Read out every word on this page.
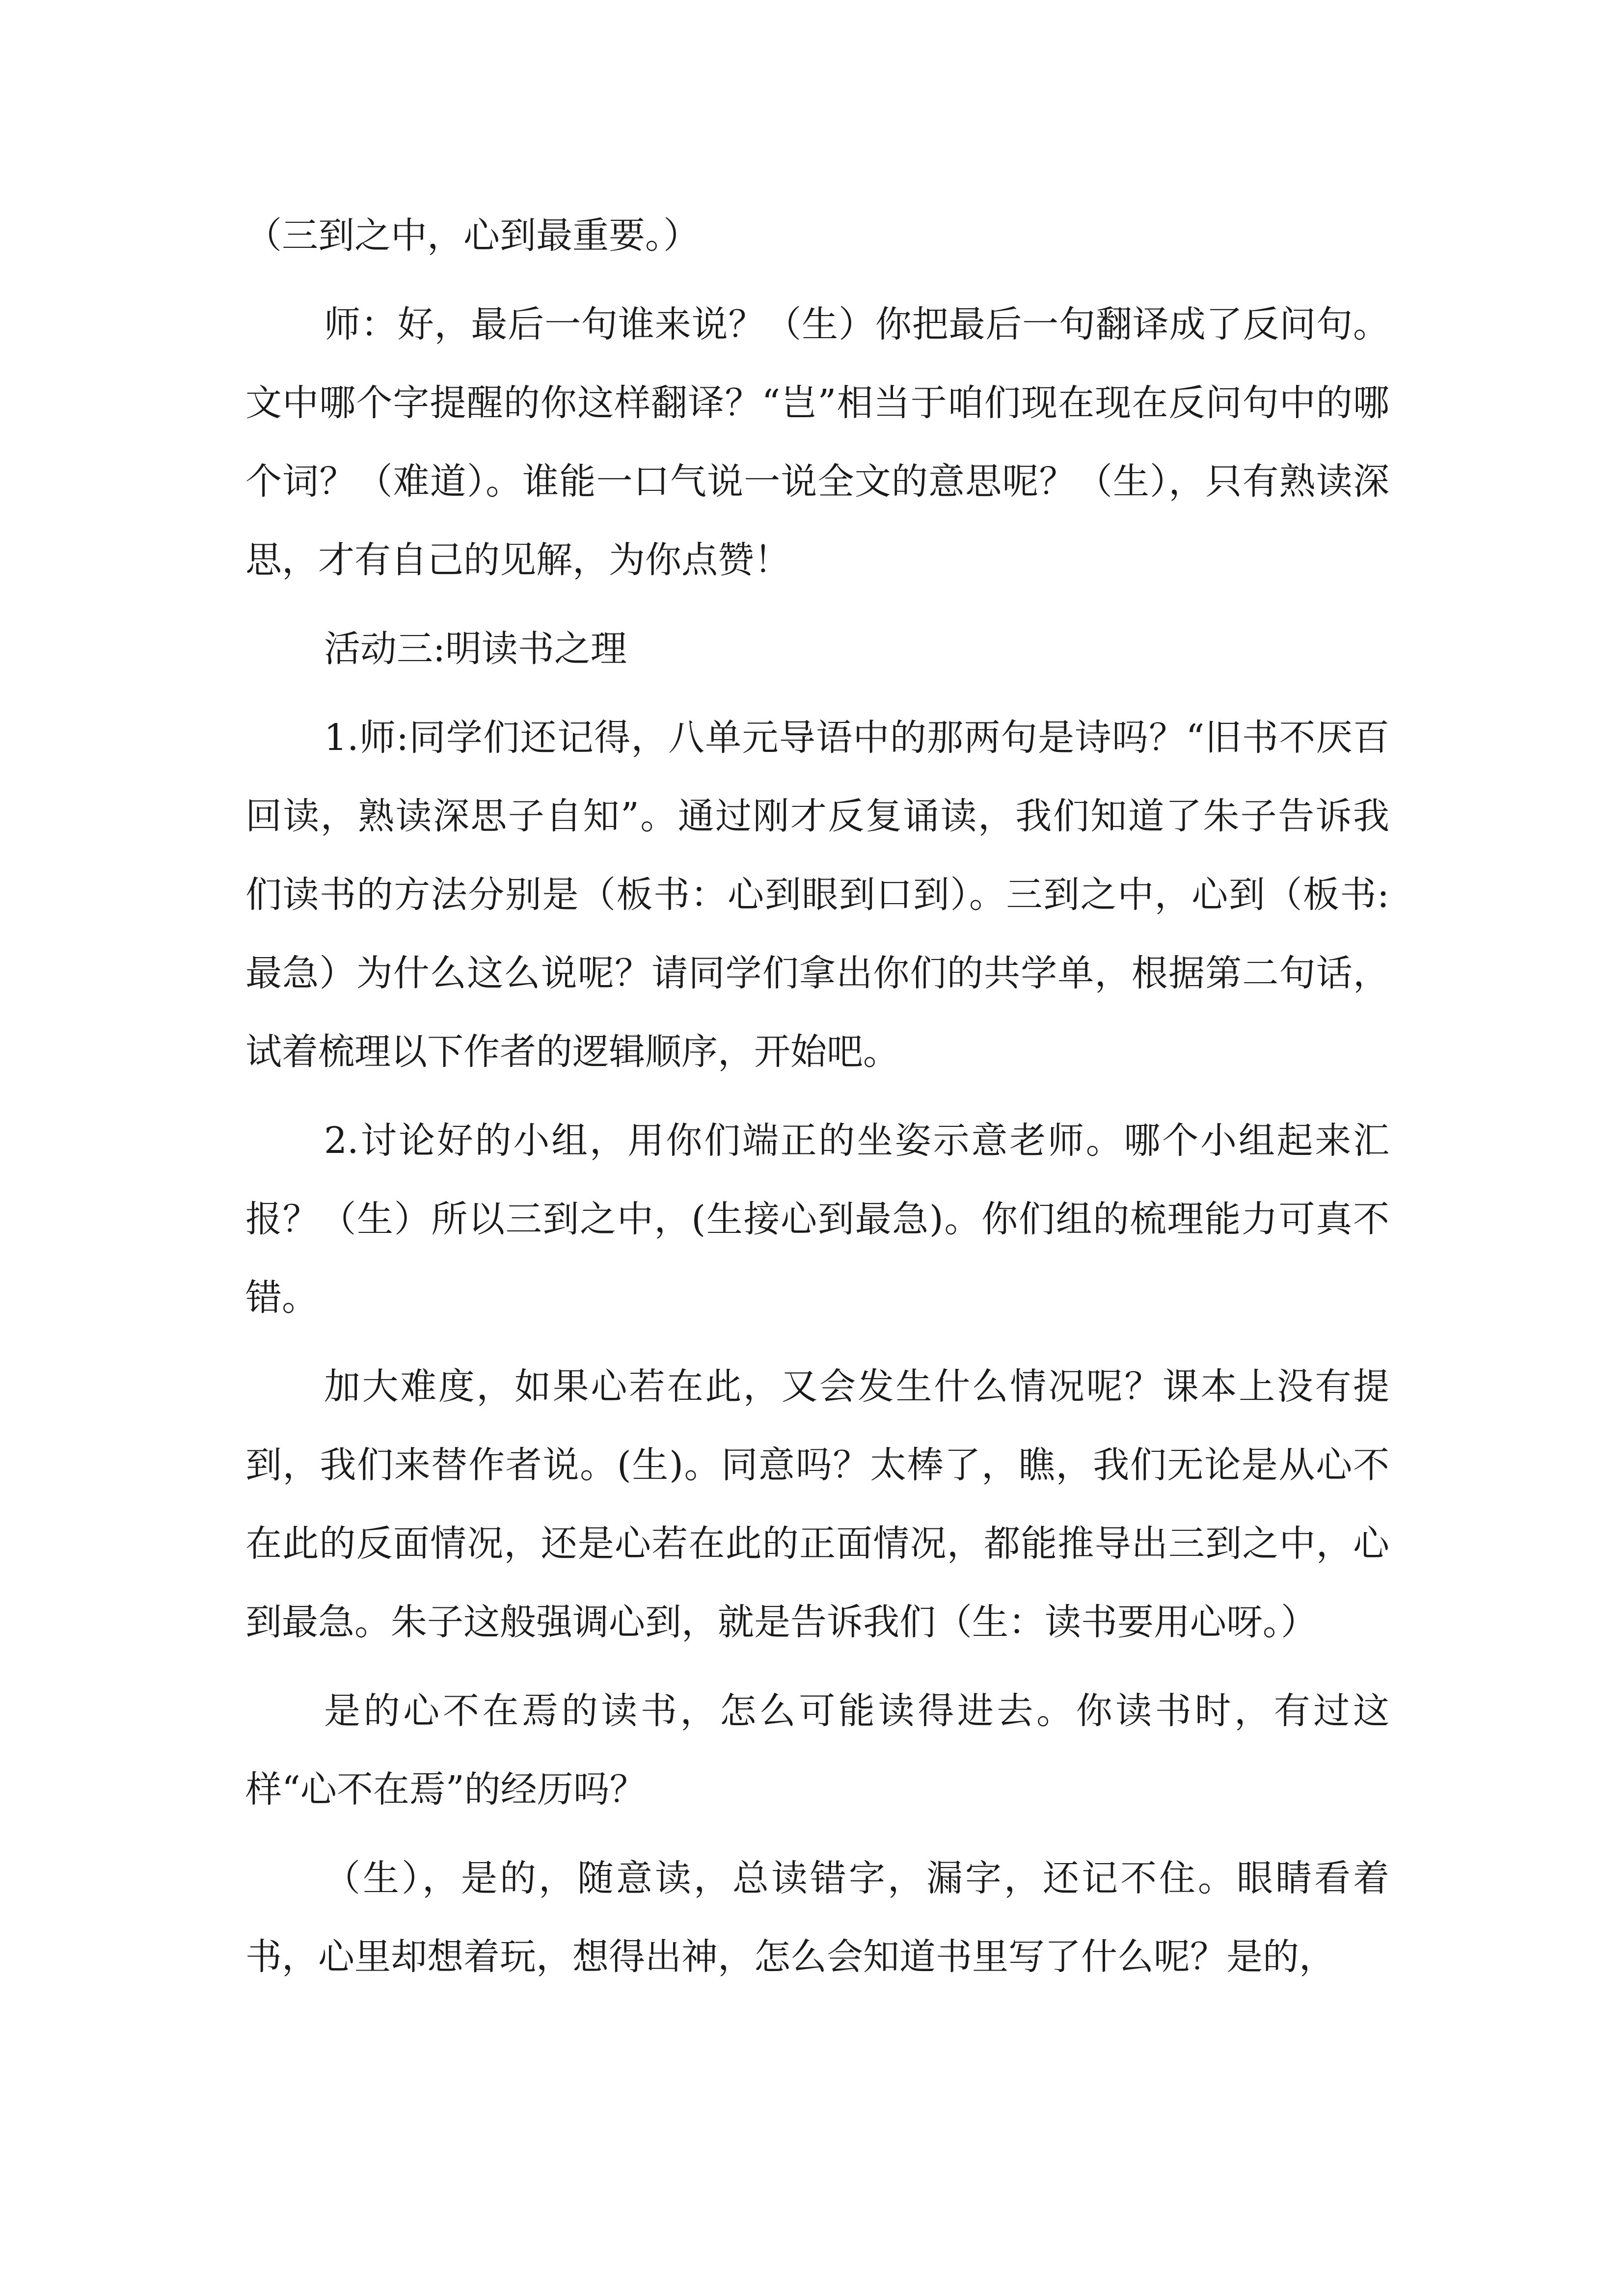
（三到之中，心到最重要。）

师：好，最后一句谁来说？（生）你把最后一句翻译成了反问句。文中哪个字提醒的你这样翻译？“岂”相当于咱们现在现在反问句中的哪个词？（难道）。谁能一口气说一说全文的意思呢？（生），只有熟读深思，才有自己的见解，为你点赞！

活动三:明读书之理

1.师:同学们还记得，八单元导语中的那两句是诗吗？“旧书不厌百回读，熟读深思子自知”。通过刚才反复诵读，我们知道了朱子告诉我们读书的方法分别是（板书：心到眼到口到）。三到之中，心到（板书:最急）为什么这么说呢？请同学们拿出你们的共学单，根据第二句话，试着梳理以下作者的逻辑顺序，开始吧。

2.讨论好的小组，用你们端正的坐姿示意老师。哪个小组起来汇报？（生）所以三到之中，(生接心到最急)。你们组的梳理能力可真不错。

加大难度，如果心若在此，又会发生什么情况呢？课本上没有提到，我们来替作者说。(生)。同意吗？太棒了，瞧，我们无论是从心不在此的反面情况，还是心若在此的正面情况，都能推导出三到之中，心到最急。朱子这般强调心到，就是告诉我们（生：读书要用心呀。）

是的心不在焉的读书，怎么可能读得进去。你读书时，有过这样“心不在焉”的经历吗？

（生），是的，随意读，总读错字，漏字，还记不住。眼睛看着书，心里却想着玩，想得出神，怎么会知道书里写了什么呢？是的，
